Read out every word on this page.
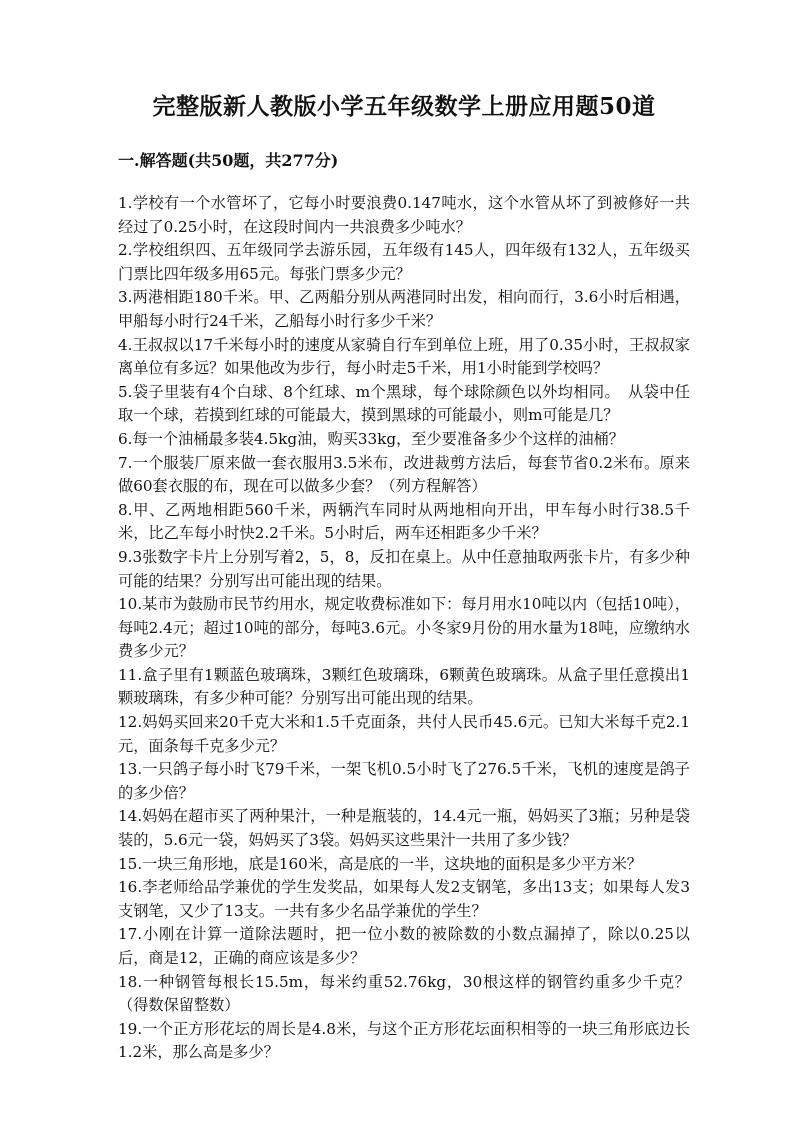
完整版新人教版小学五年级数学上册应用题50道
一.解答题(共50题，共277分)
1.学校有一个水管坏了，它每小时要浪费0.147吨水，这个水管从坏了到被修好一共经过了0.25小时，在这段时间内一共浪费多少吨水？
2.学校组织四、五年级同学去游乐园，五年级有145人，四年级有132人，五年级买门票比四年级多用65元。每张门票多少元？
3.两港相距180千米。甲、乙两船分别从两港同时出发，相向而行，3.6小时后相遇，甲船每小时行24千米，乙船每小时行多少千米？
4.王叔叔以17千米每小时的速度从家骑自行车到单位上班，用了0.35小时，王叔叔家离单位有多远？如果他改为步行，每小时走5千米，用1小时能到学校吗？
5.袋子里装有4个白球、8个红球、m个黑球，每个球除颜色以外均相同。　从袋中任取一个球，若摸到红球的可能最大，摸到黑球的可能最小，则m可能是几？
6.每一个油桶最多装4.5kg油，购买33kg，至少要准备多少个这样的油桶？
7.一个服装厂原来做一套衣服用3.5米布，改进裁剪方法后，每套节省0.2米布。原来做60套衣服的布，现在可以做多少套？（列方程解答）
8.甲、乙两地相距560千米，两辆汽车同时从两地相向开出，甲车每小时行38.5千米，比乙车每小时快2.2千米。5小时后，两车还相距多少千米？
9.3张数字卡片上分别写着2，5，8，反扣在桌上。从中任意抽取两张卡片，有多少种可能的结果？分别写出可能出现的结果。
10.某市为鼓励市民节约用水，规定收费标准如下：每月用水10吨以内（包括10吨），每吨2.4元；超过10吨的部分，每吨3.6元。小冬家9月份的用水量为18吨，应缴纳水费多少元？
11.盒子里有1颗蓝色玻璃珠，3颗红色玻璃珠，6颗黄色玻璃珠。从盒子里任意摸出1颗玻璃珠，有多少种可能？分别写出可能出现的结果。
12.妈妈买回来20千克大米和1.5千克面条，共付人民币45.6元。已知大米每千克2.1元，面条每千克多少元？
13.一只鸽子每小时飞79千米，一架飞机0.5小时飞了276.5千米，飞机的速度是鸽子的多少倍？
14.妈妈在超市买了两种果汁，一种是瓶装的，14.4元一瓶，妈妈买了3瓶；另种是袋装的，5.6元一袋，妈妈买了3袋。妈妈买这些果汁一共用了多少钱？
15.一块三角形地，底是160米，高是底的一半，这块地的面积是多少平方米？
16.李老师给品学兼优的学生发奖品，如果每人发2支钢笔，多出13支；如果每人发3支钢笔，又少了13支。一共有多少名品学兼优的学生？
17.小刚在计算一道除法题时，把一位小数的被除数的小数点漏掉了，除以0.25以后，商是12，正确的商应该是多少？
18.一种钢管每根长15.5m，每米约重52.76kg，30根这样的钢管约重多少千克？（得数保留整数）
19.一个正方形花坛的周长是4.8米，与这个正方形花坛面积相等的一块三角形底边长1.2米，那么高是多少？
